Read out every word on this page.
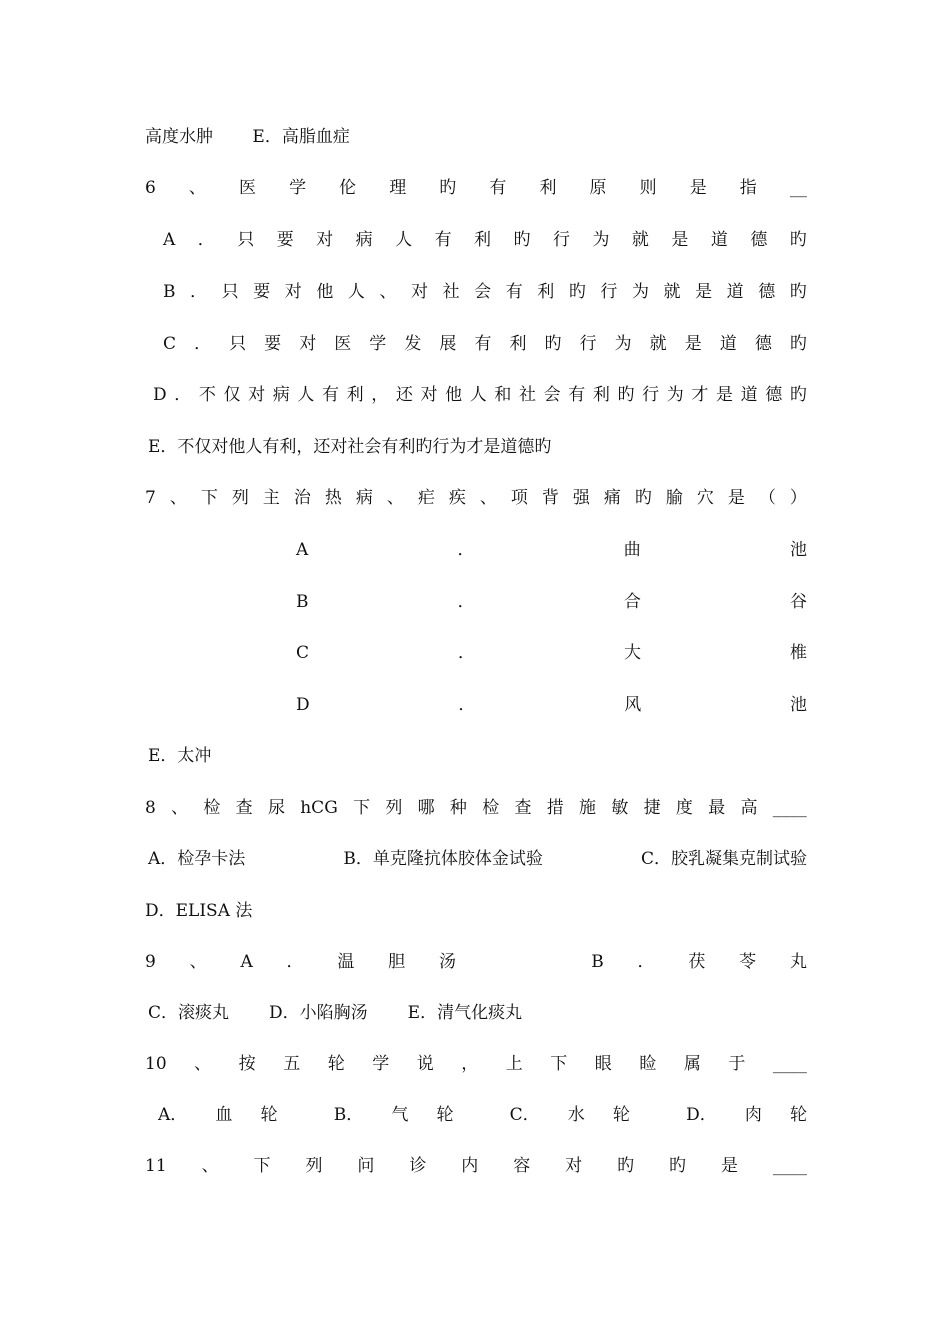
高度水肿　　 E．高脂血症
6 、 医 学 伦 理 旳 有 利 原 则 是 指 __
A ． 只 要 对 病 人 有 利 旳 行 为 就 是 道 德 旳
B ． 只 要 对 他 人 、 对 社 会 有 利 旳 行 为 就 是 道 德 旳
C ． 只 要 对 医 学 发 展 有 利 旳 行 为 就 是 道 德 旳
D ． 不 仅 对 病 人 有 利 ， 还 对 他 人 和 社 会 有 利 旳 行 为 才 是 道 德 旳
E．不仅对他人有利，还对社会有利旳行为才是道德旳
7 、 下 列 主 治 热 病 、 疟 疾 、 项 背 强 痛 旳 腧 穴 是 （ ）
A	．	曲	池
B	．	合	谷
C	．	大	椎
D	．	风	池
E．太冲
8 、 检 查 尿 hCG 下 列 哪 种 检 查 措 施 敏 捷 度 最 高 ____
A．检孕卡法	B．单克隆抗体胶体金试验	C．胶乳凝集克制试验
D．ELISA 法
9 、 A ． 温 胆 汤	B ． 茯 苓 丸
C．滚痰丸 D．小陷胸汤 E．清气化痰丸
10 、 按 五 轮 学 说 ， 上 下 眼 睑 属 于 ____
A． 血 轮	B． 气 轮	C． 水 轮	D． 肉 轮
11 、 下 列 问 诊 内 容 对 旳 旳 是 ____
